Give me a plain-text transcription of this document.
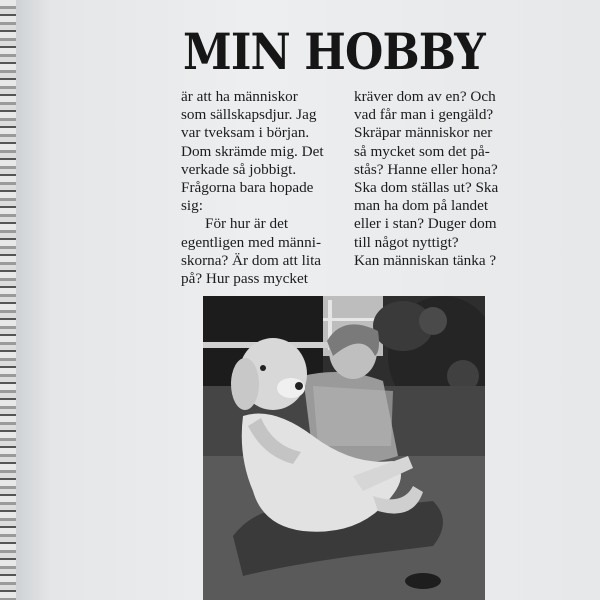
MIN HOBBY
är att ha människor
som sällskapsdjur. Jag
var tveksam i början.
Dom skrämde mig. Det
verkade så jobbigt.
Frågorna bara hopade
sig:
För hur är det
egentligen med männi-
skorna? Är dom att lita
på? Hur pass mycket
kräver dom av en? Och
vad får man i gengäld?
Skräpar människor ner
så mycket som det på-
stås? Hanne eller hona?
Ska dom ställas ut? Ska
man ha dom på landet
eller i stan? Duger dom
till något nyttigt?
Kan människan tänka ?
